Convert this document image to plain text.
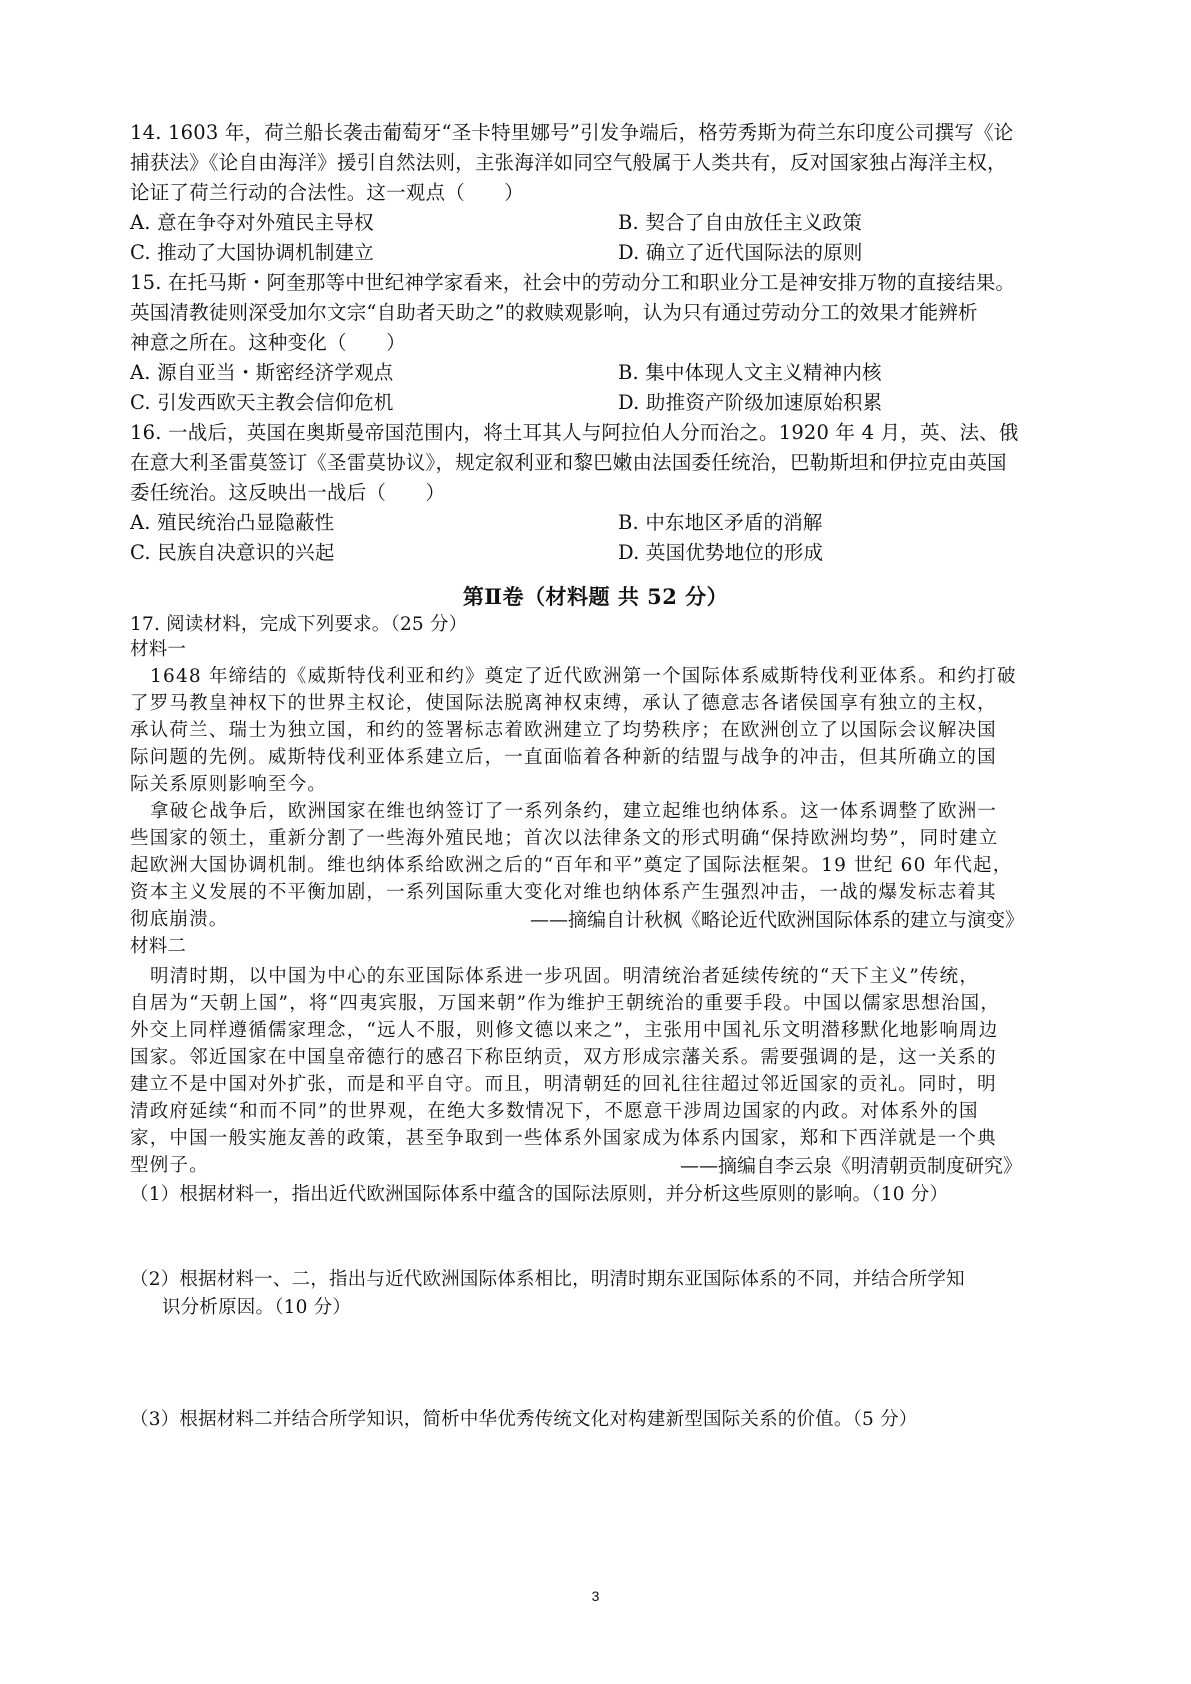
14. 1603 年，荷兰船长袭击葡萄牙“圣卡特里娜号”引发争端后，格劳秀斯为荷兰东印度公司撰写《论
捕获法》《论自由海洋》援引自然法则，主张海洋如同空气般属于人类共有，反对国家独占海洋主权，
论证了荷兰行动的合法性。这一观点（　　）
A. 意在争夺对外殖民主导权	B. 契合了自由放任主义政策
C. 推动了大国协调机制建立	D. 确立了近代国际法的原则
15. 在托马斯・阿奎那等中世纪神学家看来，社会中的劳动分工和职业分工是神安排万物的直接结果。
英国清教徒则深受加尔文宗“自助者天助之”的救赎观影响，认为只有通过劳动分工的效果才能辨析
神意之所在。这种变化（　　）
A. 源自亚当・斯密经济学观点	B. 集中体现人文主义精神内核
C. 引发西欧天主教会信仰危机	D. 助推资产阶级加速原始积累
16. 一战后，英国在奥斯曼帝国范围内，将土耳其人与阿拉伯人分而治之。1920 年 4 月，英、法、俄
在意大利圣雷莫签订《圣雷莫协议》，规定叙利亚和黎巴嫩由法国委任统治，巴勒斯坦和伊拉克由英国
委任统治。这反映出一战后（　　）
A. 殖民统治凸显隐蔽性	B. 中东地区矛盾的消解
C. 民族自决意识的兴起	D. 英国优势地位的形成
第Ⅱ卷（材料题 共 52 分）
17. 阅读材料，完成下列要求。（25 分）
材料一
1648 年缔结的《威斯特伐利亚和约》奠定了近代欧洲第一个国际体系威斯特伐利亚体系。和约打破
了罗马教皇神权下的世界主权论，使国际法脱离神权束缚，承认了德意志各诸侯国享有独立的主权，
承认荷兰、瑞士为独立国，和约的签署标志着欧洲建立了均势秩序；在欧洲创立了以国际会议解决国
际问题的先例。威斯特伐利亚体系建立后，一直面临着各种新的结盟与战争的冲击，但其所确立的国
际关系原则影响至今。
拿破仑战争后，欧洲国家在维也纳签订了一系列条约，建立起维也纳体系。这一体系调整了欧洲一
些国家的领土，重新分割了一些海外殖民地；首次以法律条文的形式明确“保持欧洲均势”，同时建立
起欧洲大国协调机制。维也纳体系给欧洲之后的“百年和平”奠定了国际法框架。19 世纪 60 年代起，
资本主义发展的不平衡加剧，一系列国际重大变化对维也纳体系产生强烈冲击，一战的爆发标志着其
彻底崩溃。	——摘编自计秋枫《略论近代欧洲国际体系的建立与演变》
材料二
明清时期，以中国为中心的东亚国际体系进一步巩固。明清统治者延续传统的“天下主义”传统，
自居为“天朝上国”，将“四夷宾服，万国来朝”作为维护王朝统治的重要手段。中国以儒家思想治国，
外交上同样遵循儒家理念，“远人不服，则修文德以来之”，主张用中国礼乐文明潜移默化地影响周边
国家。邻近国家在中国皇帝德行的感召下称臣纳贡，双方形成宗藩关系。需要强调的是，这一关系的
建立不是中国对外扩张，而是和平自守。而且，明清朝廷的回礼往往超过邻近国家的贡礼。同时，明
清政府延续“和而不同”的世界观，在绝大多数情况下，不愿意干涉周边国家的内政。对体系外的国
家，中国一般实施友善的政策，甚至争取到一些体系外国家成为体系内国家，郑和下西洋就是一个典
型例子。	——摘编自李云泉《明清朝贡制度研究》
（1）根据材料一，指出近代欧洲国际体系中蕴含的国际法原则，并分析这些原则的影响。（10 分）
（2）根据材料一、二，指出与近代欧洲国际体系相比，明清时期东亚国际体系的不同，并结合所学知
识分析原因。（10 分）
（3）根据材料二并结合所学知识，简析中华优秀传统文化对构建新型国际关系的价值。（5 分）
3
